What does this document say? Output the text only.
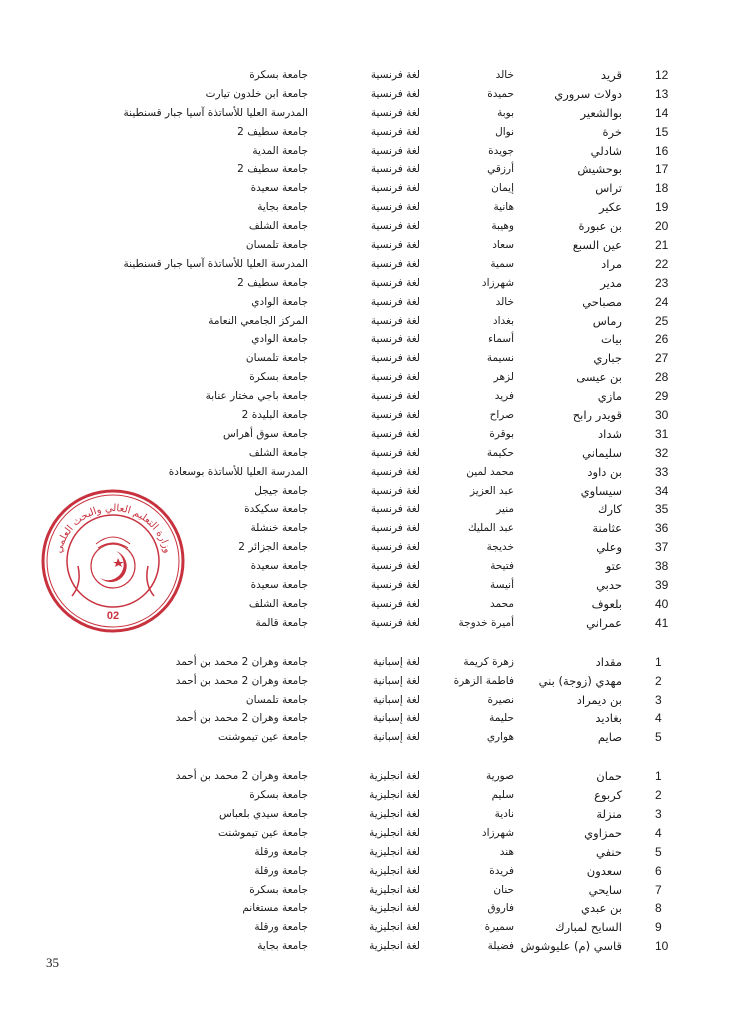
12
قريد
خالد
لغة فرنسية
جامعة بسكرة
13
دولات سروري
حميدة
لغة فرنسية
جامعة ابن خلدون تيارت
14
بوالشعير
بوبة
لغة فرنسية
المدرسة العليا للأساتذة آسيا جبار قسنطينة
15
خرة
نوال
لغة فرنسية
جامعة سطيف 2
16
شادلي
جويدة
لغة فرنسية
جامعة المدية
17
بوحشيش
أرزقي
لغة فرنسية
جامعة سطيف 2
18
تراس
إيمان
لغة فرنسية
جامعة سعيدة
19
عكير
هانية
لغة فرنسية
جامعة بجاية
20
بن عبورة
وهيبة
لغة فرنسية
جامعة الشلف
21
عين السبع
سعاد
لغة فرنسية
جامعة تلمسان
22
مراد
سمية
لغة فرنسية
المدرسة العليا للأساتذة آسيا جبار قسنطينة
23
مدير
شهرزاد
لغة فرنسية
جامعة سطيف 2
24
مصباحي
خالد
لغة فرنسية
جامعة الوادي
25
رماس
بغداد
لغة فرنسية
المركز الجامعي النعامة
26
بيات
أسماء
لغة فرنسية
جامعة الوادي
27
جباري
نسيمة
لغة فرنسية
جامعة تلمسان
28
بن عيسى
لزهر
لغة فرنسية
جامعة بسكرة
29
مازي
فريد
لغة فرنسية
جامعة باجي مختار عنابة
30
قويدر رابح
صراح
لغة فرنسية
جامعة البليدة 2
31
شداد
بوقرة
لغة فرنسية
جامعة سوق أهراس
32
سليماني
حكيمة
لغة فرنسية
جامعة الشلف
33
بن داود
محمد لمين
لغة فرنسية
المدرسة العليا للأساتذة بوسعادة
34
سيساوي
عبد العزيز
لغة فرنسية
جامعة جيجل
35
كارك
منير
لغة فرنسية
جامعة سكيكدة
36
عثامنة
عبد المليك
لغة فرنسية
جامعة خنشلة
37
وعلي
خديجة
لغة فرنسية
جامعة الجزائر 2
38
عتو
فتيحة
لغة فرنسية
جامعة سعيدة
39
حدبي
أنيسة
لغة فرنسية
جامعة سعيدة
40
بلعوف
محمد
لغة فرنسية
جامعة الشلف
41
عمراني
أميرة خدوجة
لغة فرنسية
جامعة قالمة
1
مقداد
زهرة كريمة
لغة إسبانية
جامعة وهران 2 محمد بن أحمد
2
مهدي (زوجة) بني
فاطمة الزهرة
لغة إسبانية
جامعة وهران 2 محمد بن أحمد
3
بن ديمراد
نصيرة
لغة إسبانية
جامعة تلمسان
4
بغاديد
حليمة
لغة إسبانية
جامعة وهران 2 محمد بن أحمد
5
صايم
هواري
لغة إسبانية
جامعة عين تيموشنت
1
حمان
صورية
لغة انجليزية
جامعة وهران 2 محمد بن أحمد
2
كربوع
سليم
لغة انجليزية
جامعة بسكرة
3
منزلة
نادية
لغة انجليزية
جامعة سيدي بلعباس
4
حمزاوي
شهرزاد
لغة انجليزية
جامعة عين تيموشنت
5
حنفي
هند
لغة انجليزية
جامعة ورقلة
6
سعدون
فريدة
لغة انجليزية
جامعة ورقلة
7
سايحي
حنان
لغة انجليزية
جامعة بسكرة
8
بن عبدي
فاروق
لغة انجليزية
جامعة مستغانم
9
السايح لمبارك
سميرة
لغة انجليزية
جامعة ورقلة
10
قاسي (م) عليوشوش
فضيلة
لغة انجليزية
جامعة بجاية
وزارة التعليم العالي والبحث العلمي
02
35
